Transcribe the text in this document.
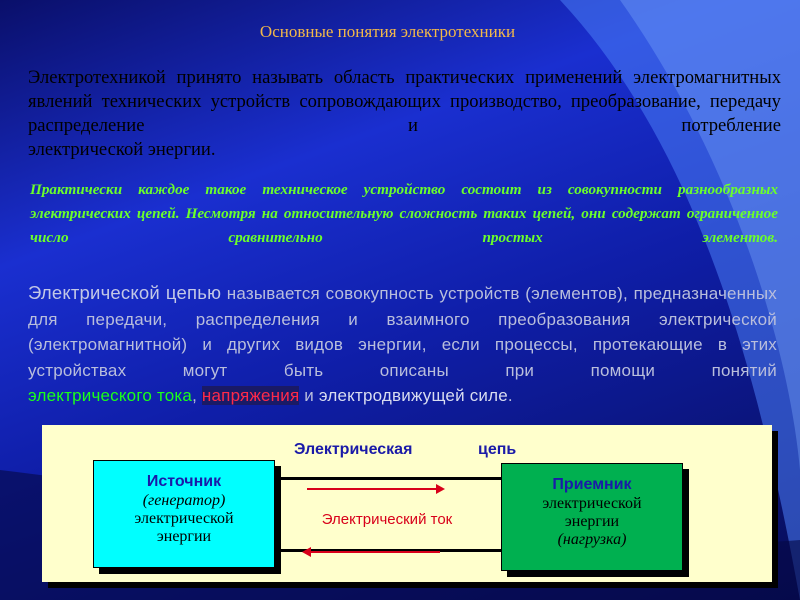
Основные понятия электротехники
Электротехникой принято называть область практических применений электромагнитных явлений технических устройств сопровождающих производство, преобразование, передачу распределение и потребление
электрической энергии.
Практически каждое такое техническое устройство состоит из совокупности разнообразных электрических цепей. Несмотря на относительную сложность таких цепей, они содержат ограниченное число сравнительно простых элементов.
Электрической цепью называется совокупность устройств (элементов), предназначенных для передачи, распределения и взаимного преобразования электрической (электромагнитной) и других видов энергии, если процессы, протекающие в этих устройствах могут быть описаны при помощи понятий
электрического тока, напряжения и электродвижущей силе.
Электрическая	цепь
Электрический ток
Источник
(генератор)
электрической
энергии
Приемник
электрической
энергии
(нагрузка)
